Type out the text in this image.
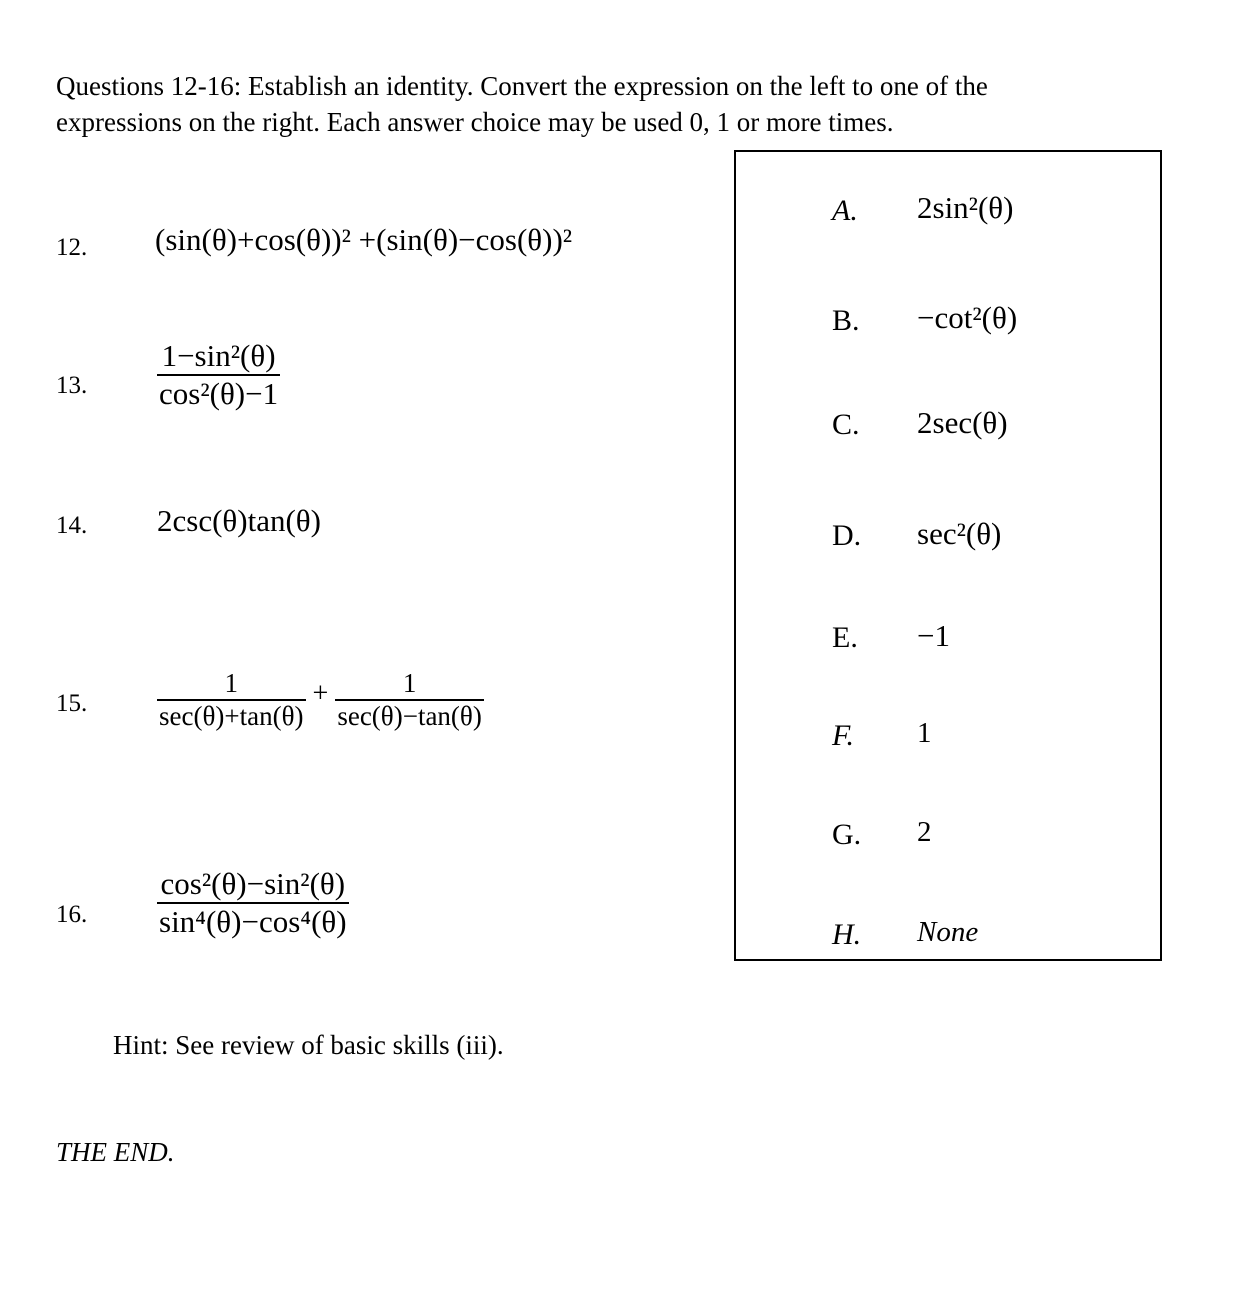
Questions 12-16: Establish an identity. Convert the expression on the left to one of the
expressions on the right. Each answer choice may be used 0, 1 or more times.
12. (sin(θ)+cos(θ))² +(sin(θ)−cos(θ))²
13. $\frac{\text{1−sin²(θ)}}{\text{cos²(θ)−1}}$
14. 2csc(θ)tan(θ)
15.	$\frac{1}{\sec(\theta)+\tan(\theta)} + \frac{1}{\sec(\theta)-\tan(\theta)}$
16. $\frac{\text{cos²(θ)−sin²(θ)}}{\text{sin⁴(θ)−cos⁴(θ)}}$
A. 2sin²(θ)
B. −cot²(θ)
C. 2sec(θ)
D. sec²(θ)
E. −1
F. 1
G. 2
H. None
Hint: See review of basic skills (iii).
THE END.
